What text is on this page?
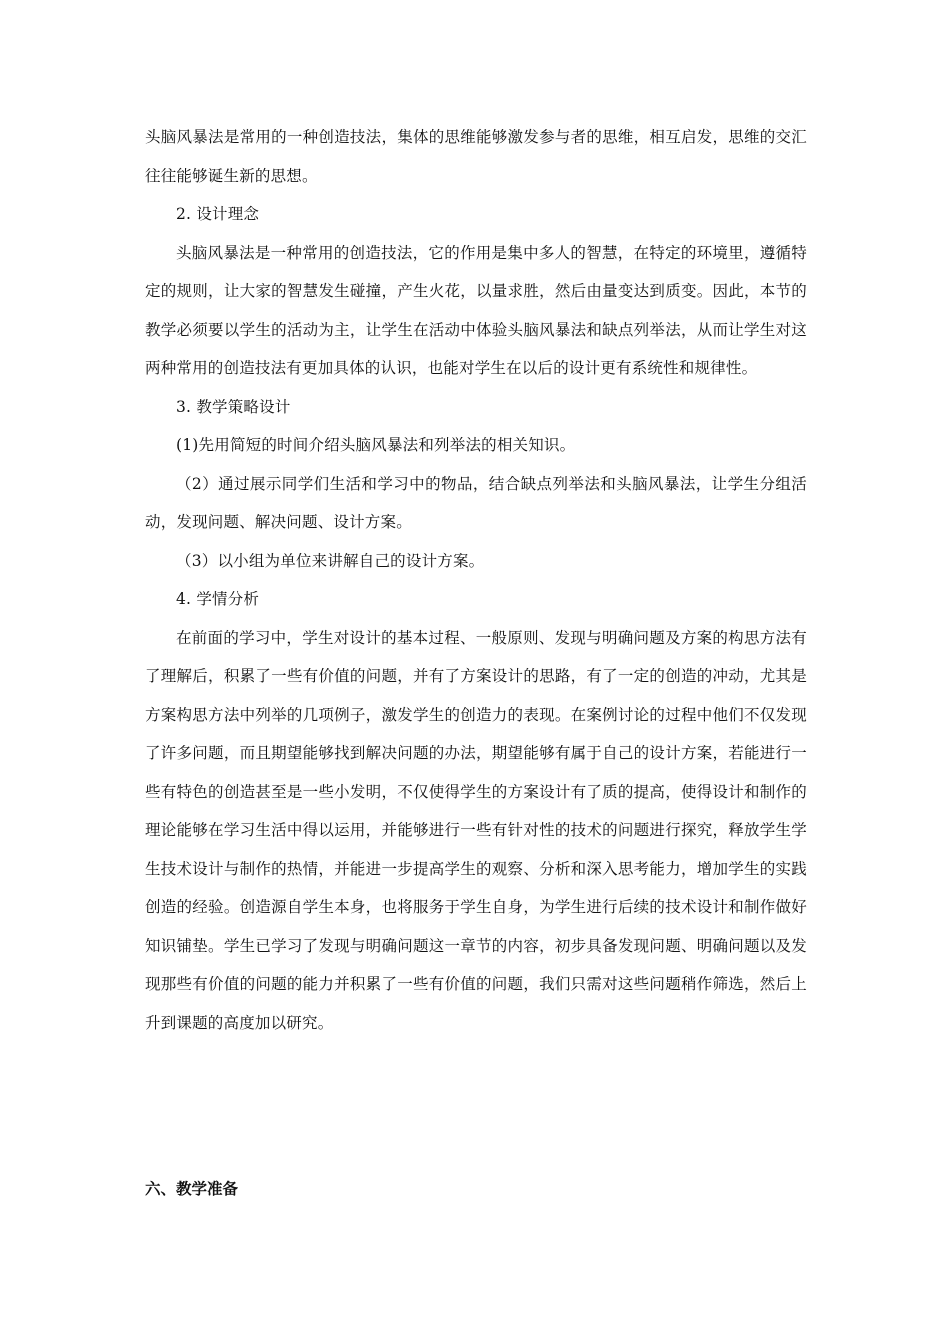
头脑风暴法是常用的一种创造技法，集体的思维能够激发参与者的思维，相互启发，思维的交汇往往能够诞生新的思想。

2. 设计理念

头脑风暴法是一种常用的创造技法，它的作用是集中多人的智慧，在特定的环境里，遵循特定的规则，让大家的智慧发生碰撞，产生火花，以量求胜，然后由量变达到质变。因此，本节的教学必须要以学生的活动为主，让学生在活动中体验头脑风暴法和缺点列举法，从而让学生对这两种常用的创造技法有更加具体的认识，也能对学生在以后的设计更有系统性和规律性。

3. 教学策略设计

(1)先用简短的时间介绍头脑风暴法和列举法的相关知识。

（2）通过展示同学们生活和学习中的物品，结合缺点列举法和头脑风暴法，让学生分组活动，发现问题、解决问题、设计方案。

（3）以小组为单位来讲解自己的设计方案。

4. 学情分析

在前面的学习中，学生对设计的基本过程、一般原则、发现与明确问题及方案的构思方法有了理解后，积累了一些有价值的问题，并有了方案设计的思路，有了一定的创造的冲动，尤其是方案构思方法中列举的几项例子，激发学生的创造力的表现。在案例讨论的过程中他们不仅发现了许多问题，而且期望能够找到解决问题的办法，期望能够有属于自己的设计方案，若能进行一些有特色的创造甚至是一些小发明，不仅使得学生的方案设计有了质的提高，使得设计和制作的理论能够在学习生活中得以运用，并能够进行一些有针对性的技术的问题进行探究，释放学生学生技术设计与制作的热情，并能进一步提高学生的观察、分析和深入思考能力，增加学生的实践创造的经验。创造源自学生本身，也将服务于学生自身，为学生进行后续的技术设计和制作做好知识铺垫。学生已学习了发现与明确问题这一章节的内容，初步具备发现问题、明确问题以及发现那些有价值的问题的能力并积累了一些有价值的问题，我们只需对这些问题稍作筛选，然后上升到课题的高度加以研究。

六、教学准备
